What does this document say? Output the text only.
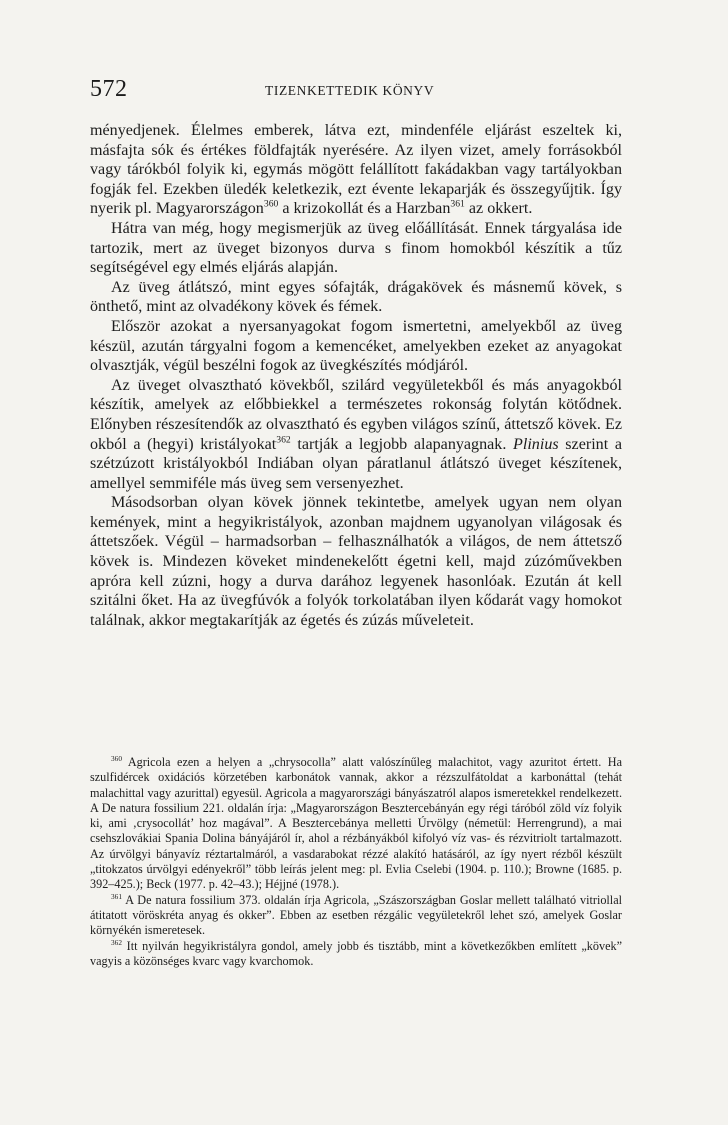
572	TIZENKETTEDIK KÖNYV

ményedjenek. Élelmes emberek, látva ezt, mindenféle eljárást eszeltek ki, másfajta sók és értékes földfajták nyerésére. Az ilyen vizet, amely forrásokból vagy tárókból folyik ki, egymás mögött felállított fakádakban vagy tartályokban fogják fel. Ezekben üledék keletkezik, ezt évente lekaparják és összegyűjtik. Így nyerik pl. Magyarországon$^{360}$ a krizokollát és a Harzban$^{361}$ az okkert.

Hátra van még, hogy megismerjük az üveg előállítását. Ennek tárgyalása ide tartozik, mert az üveget bizonyos durva s finom homokból készítik a tűz segítségével egy elmés eljárás alapján.

Az üveg átlátszó, mint egyes sófajták, drágakövek és másnemű kövek, s önthető, mint az olvadékony kövek és fémek.

Először azokat a nyersanyagokat fogom ismertetni, amelyekből az üveg készül, azután tárgyalni fogom a kemencéket, amelyekben ezeket az anyagokat olvasztják, végül beszélni fogok az üvegkészítés módjáról.

Az üveget olvasztható kövekből, szilárd vegyületekből és más anyagokból készítik, amelyek az előbbiekkel a természetes rokonság folytán kötődnek. Előnyben részesítendők az olvasztható és egyben világos színű, áttetsző kövek. Ez okból a (hegyi) kristályokat$^{362}$ tartják a legjobb alapanyagnak. Plinius szerint a szétzúzott kristályokból Indiában olyan páratlanul átlátszó üveget készítenek, amellyel semmiféle más üveg sem versenyezhet.

Másodsorban olyan kövek jönnek tekintetbe, amelyek ugyan nem olyan kemények, mint a hegyikristályok, azonban majdnem ugyanolyan világosak és áttetszőek. Végül – harmadsorban – felhasználhatók a világos, de nem áttetsző kövek is. Mindezen köveket mindenekelőtt égetni kell, majd zúzóművekben apróra kell zúzni, hogy a durva darához legyenek hasonlóak. Ezután át kell szitálni őket. Ha az üvegfúvók a folyók torkolatában ilyen kődarát vagy homokot találnak, akkor megtakarítják az égetés és zúzás műveleteit.

$^{360}$ Agricola ezen a helyen a „chrysocolla” alatt valószínűleg malachitot, vagy azuritot értett. Ha szulfidércek oxidációs körzetében karbonátok vannak, akkor a rézszulfátoldat a karbonáttal (tehát malachittal vagy azurittal) egyesül. Agricola a magyarországi bányászatról alapos ismeretekkel rendelkezett. A De natura fossilium 221. oldalán írja: „Magyarországon Besztercebányán egy régi tárób​ól zöld víz folyik ki, ami ‚crysocollát’ hoz magával”. A Besztercebánya melletti Úrvölgy (németül: Herrengrund), a mai csehszlovákiai Spania Dolina bányájáról ír, ahol a rézbányákból kifolyó víz vas- és rézvitriolt tartalmazott. Az úrvölgyi bányavíz réztartalmáról, a vasdarabokat rézzé alakító hatásáról, az így nyert rézből készült „titokzatos úrvölgyi edényekről” több leírás jelent meg: pl. Evlia Cselebi (1904. p. 110.); Browne (1685. p. 392–425.); Beck (1977. p. 42–43.); Héjjné (1978.).

$^{361}$ A De natura fossilium 373. oldalán írja Agricola, „Szászországban Goslar mellett található vitriollal átitatott vöröskréta anyag és okker”. Ebben az esetben rézgálic vegyületekről lehet szó, amelyek Goslar környékén ismeretesek.

$^{362}$ Itt nyilván hegyikristályra gondol, amely jobb és tisztább, mint a következőkben említett „kövek” vagyis a közönséges kvarc vagy kvarchomok.
